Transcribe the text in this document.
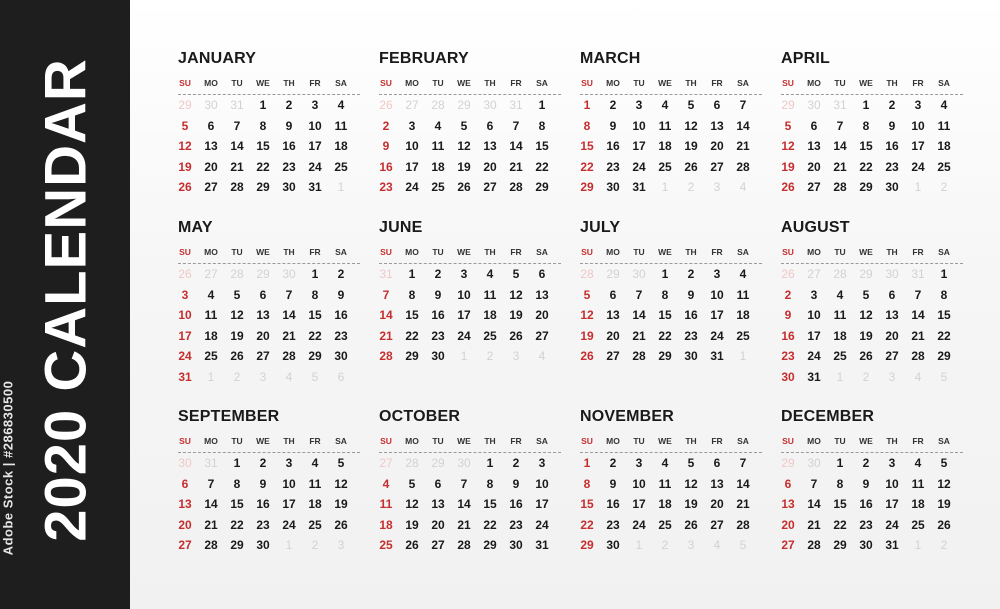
2020 CALENDAR
Adobe Stock | #286830500
JANUARY
SU	MO	TU	WE	TH	FR	SA
29	30	31	1	2	3	4
5	6	7	8	9	10	11
12	13	14	15	16	17	18
19	20	21	22	23	24	25
26	27	28	29	30	31	1
FEBRUARY
SU	MO	TU	WE	TH	FR	SA
26	27	28	29	30	31	1
2	3	4	5	6	7	8
9	10	11	12	13	14	15
16	17	18	19	20	21	22
23	24	25	26	27	28	29
MARCH
SU	MO	TU	WE	TH	FR	SA
1	2	3	4	5	6	7
8	9	10	11	12	13	14
15	16	17	18	19	20	21
22	23	24	25	26	27	28
29	30	31	1	2	3	4
APRIL
SU	MO	TU	WE	TH	FR	SA
29	30	31	1	2	3	4
5	6	7	8	9	10	11
12	13	14	15	16	17	18
19	20	21	22	23	24	25
26	27	28	29	30	1	2
MAY
SU	MO	TU	WE	TH	FR	SA
26	27	28	29	30	1	2
3	4	5	6	7	8	9
10	11	12	13	14	15	16
17	18	19	20	21	22	23
24	25	26	27	28	29	30
31	1	2	3	4	5	6
JUNE
SU	MO	TU	WE	TH	FR	SA
31	1	2	3	4	5	6
7	8	9	10	11	12	13
14	15	16	17	18	19	20
21	22	23	24	25	26	27
28	29	30	1	2	3	4
JULY
SU	MO	TU	WE	TH	FR	SA
28	29	30	1	2	3	4
5	6	7	8	9	10	11
12	13	14	15	16	17	18
19	20	21	22	23	24	25
26	27	28	29	30	31	1
AUGUST
SU	MO	TU	WE	TH	FR	SA
26	27	28	29	30	31	1
2	3	4	5	6	7	8
9	10	11	12	13	14	15
16	17	18	19	20	21	22
23	24	25	26	27	28	29
30	31	1	2	3	4	5
SEPTEMBER
SU	MO	TU	WE	TH	FR	SA
30	31	1	2	3	4	5
6	7	8	9	10	11	12
13	14	15	16	17	18	19
20	21	22	23	24	25	26
27	28	29	30	1	2	3
OCTOBER
SU	MO	TU	WE	TH	FR	SA
27	28	29	30	1	2	3
4	5	6	7	8	9	10
11	12	13	14	15	16	17
18	19	20	21	22	23	24
25	26	27	28	29	30	31
NOVEMBER
SU	MO	TU	WE	TH	FR	SA
1	2	3	4	5	6	7
8	9	10	11	12	13	14
15	16	17	18	19	20	21
22	23	24	25	26	27	28
29	30	1	2	3	4	5
DECEMBER
SU	MO	TU	WE	TH	FR	SA
29	30	1	2	3	4	5
6	7	8	9	10	11	12
13	14	15	16	17	18	19
20	21	22	23	24	25	26
27	28	29	30	31	1	2
